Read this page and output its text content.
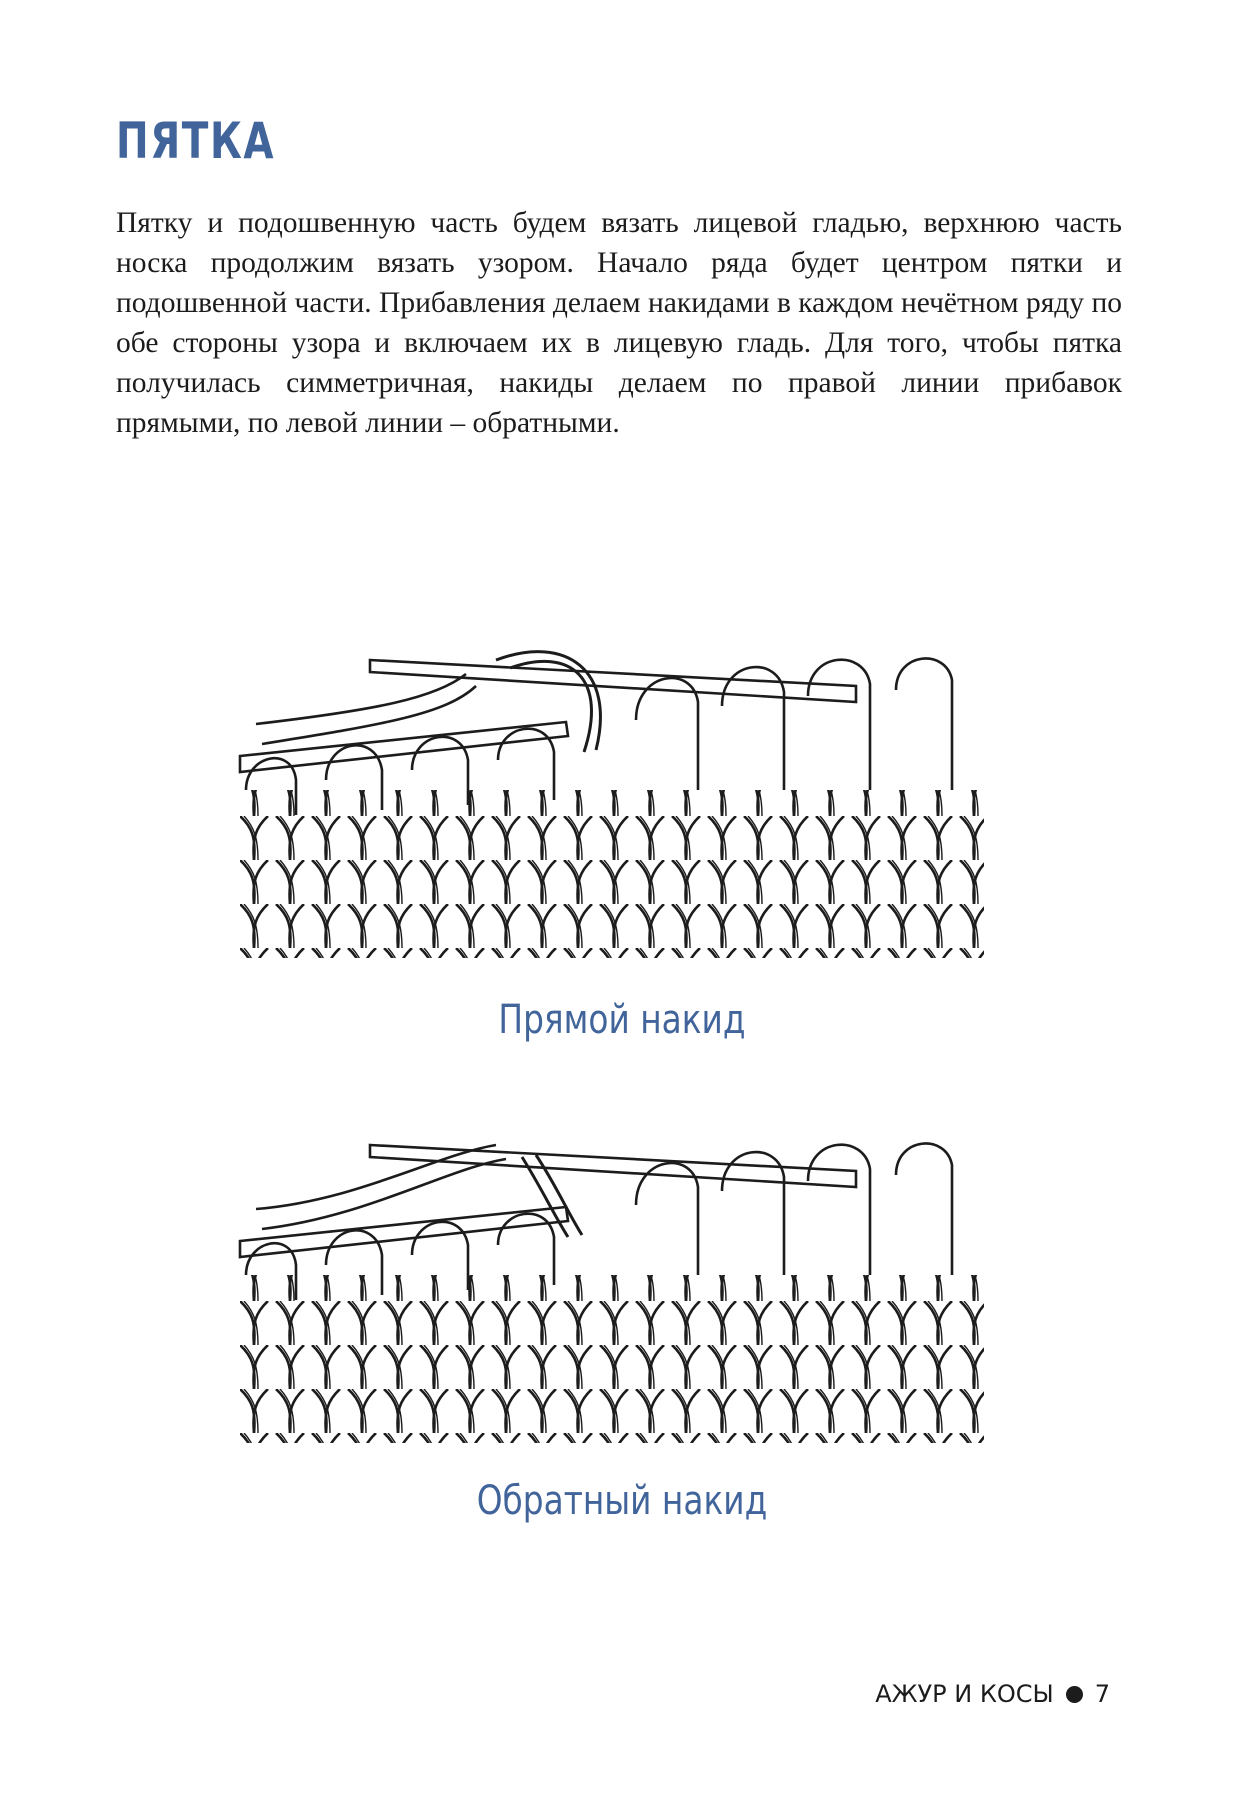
ПЯТКА

Пятку и подошвенную часть будем вязать лицевой гладью, верхнюю часть носка продолжим вязать узором. Начало ряда будет центром пятки и подошвенной части. Прибавления делаем накидами в каждом нечётном ряду по обе стороны узора и включаем их в лицевую гладь. Для того, чтобы пятка получилась симметричная, накиды делаем по правой линии прибавок прямыми, по левой линии – обратными.

Прямой накид

Обратный накид

АЖУР И КОСЫ 7
